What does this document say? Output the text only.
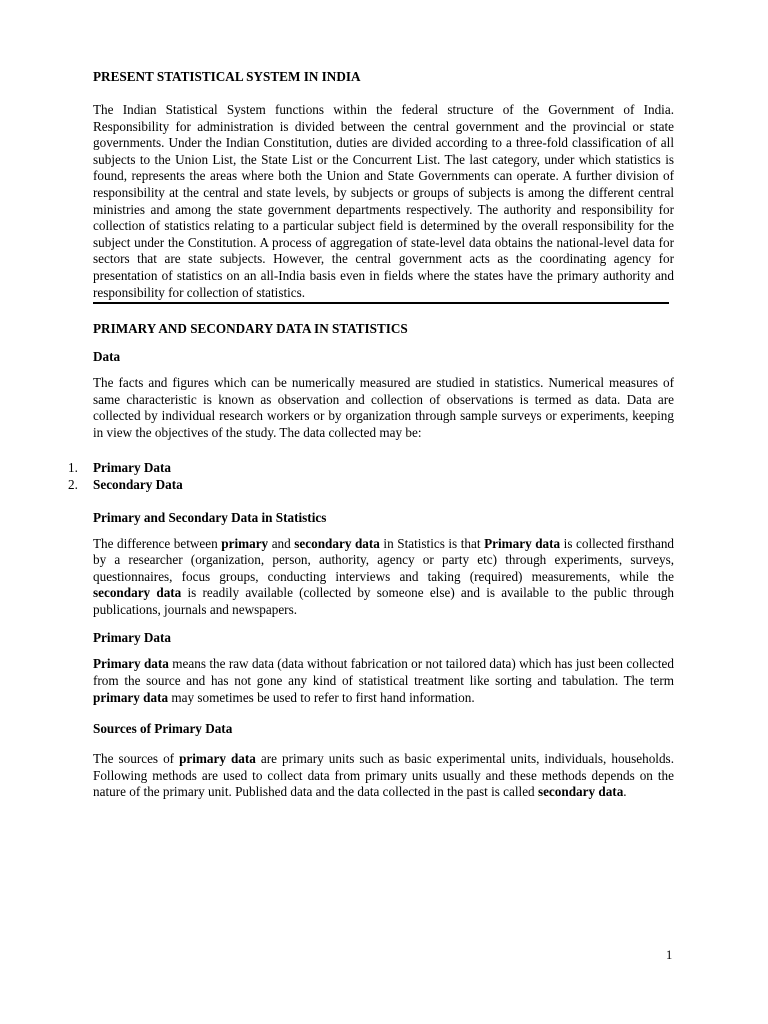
PRESENT STATISTICAL SYSTEM IN INDIA

The Indian Statistical System functions within the federal structure of the Government of India. Responsibility for administration is divided between the central government and the provincial or state governments. Under the Indian Constitution, duties are divided according to a three-fold classification of all subjects to the Union List, the State List or the Concurrent List. The last category, under which statistics is found, represents the areas where both the Union and State Governments can operate. A further division of responsibility at the central and state levels, by subjects or groups of subjects is among the different central ministries and among the state government departments respectively. The authority and responsibility for collection of statistics relating to a particular subject field is determined by the overall responsibility for the subject under the Constitution. A process of aggregation of state-level data obtains the national-level data for sectors that are state subjects. However, the central government acts as the coordinating agency for presentation of statistics on an all-India basis even in fields where the states have the primary authority and responsibility for collection of statistics.

PRIMARY AND SECONDARY DATA IN STATISTICS
Data

The facts and figures which can be numerically measured are studied in statistics. Numerical measures of same characteristic is known as observation and collection of observations is termed as data. Data are collected by individual research workers or by organization through sample surveys or experiments, keeping in view the objectives of the study. The data collected may be:

1. Primary Data
2. Secondary Data
Primary and Secondary Data in Statistics

The difference between primary and secondary data in Statistics is that Primary data is collected firsthand by a researcher (organization, person, authority, agency or party etc) through experiments, surveys, questionnaires, focus groups, conducting interviews and taking (required) measurements, while the secondary data is readily available (collected by someone else) and is available to the public through publications, journals and newspapers.

Primary Data

Primary data means the raw data (data without fabrication or not tailored data) which has just been collected from the source and has not gone any kind of statistical treatment like sorting and tabulation. The term primary data may sometimes be used to refer to first hand information.

Sources of Primary Data

The sources of primary data are primary units such as basic experimental units, individuals, households. Following methods are used to collect data from primary units usually and these methods depends on the nature of the primary unit. Published data and the data collected in the past is called secondary data.

1
